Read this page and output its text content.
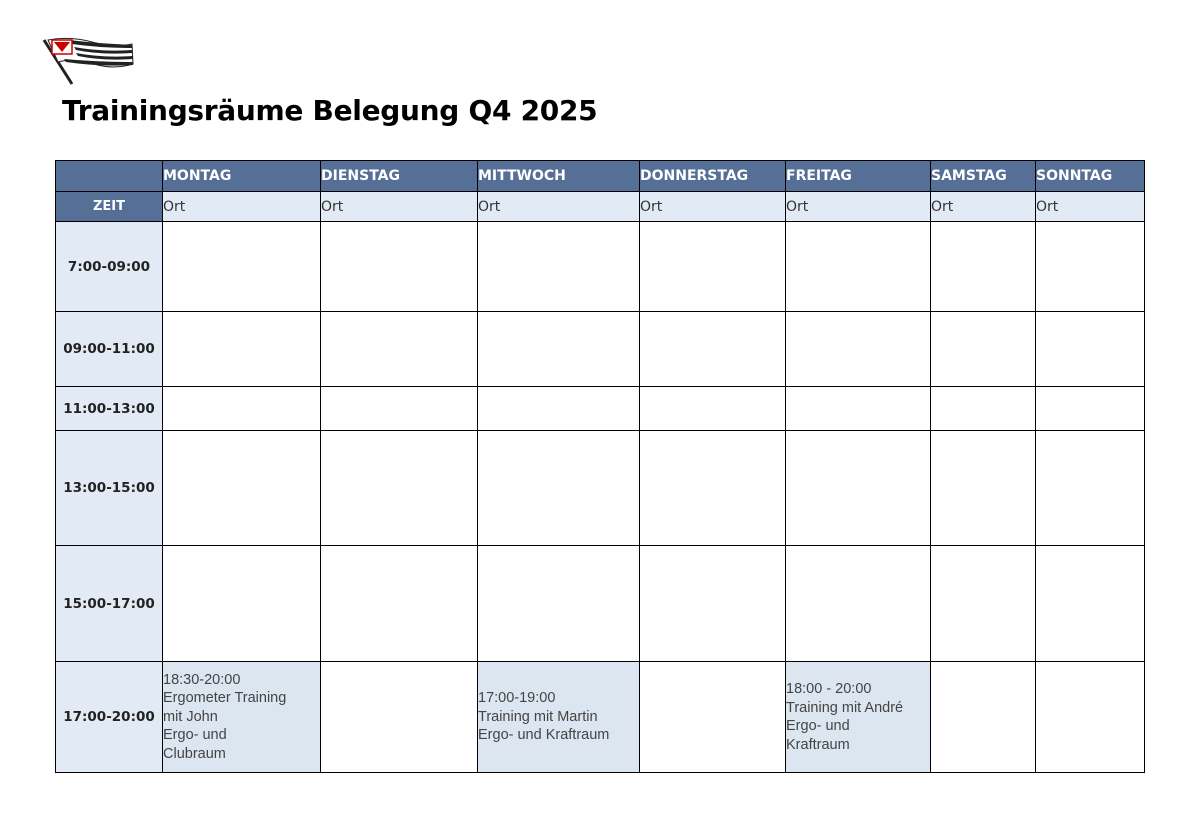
Trainingsräume Belegung Q4 2025
	MONTAG	DIENSTAG	MITTWOCH	DONNERSTAG	FREITAG	SAMSTAG	SONNTAG
ZEIT	Ort	Ort	Ort	Ort	Ort	Ort	Ort
7:00-09:00							
09:00-11:00							
11:00-13:00							
13:00-15:00							
15:00-17:00							
17:00-20:00	18:30-20:00
Ergometer Training
mit John
Ergo- und
Clubraum		17:00-19:00
Training mit Martin
Ergo- und Kraftraum		18:00 - 20:00
Training mit André
Ergo- und
Kraftraum		
